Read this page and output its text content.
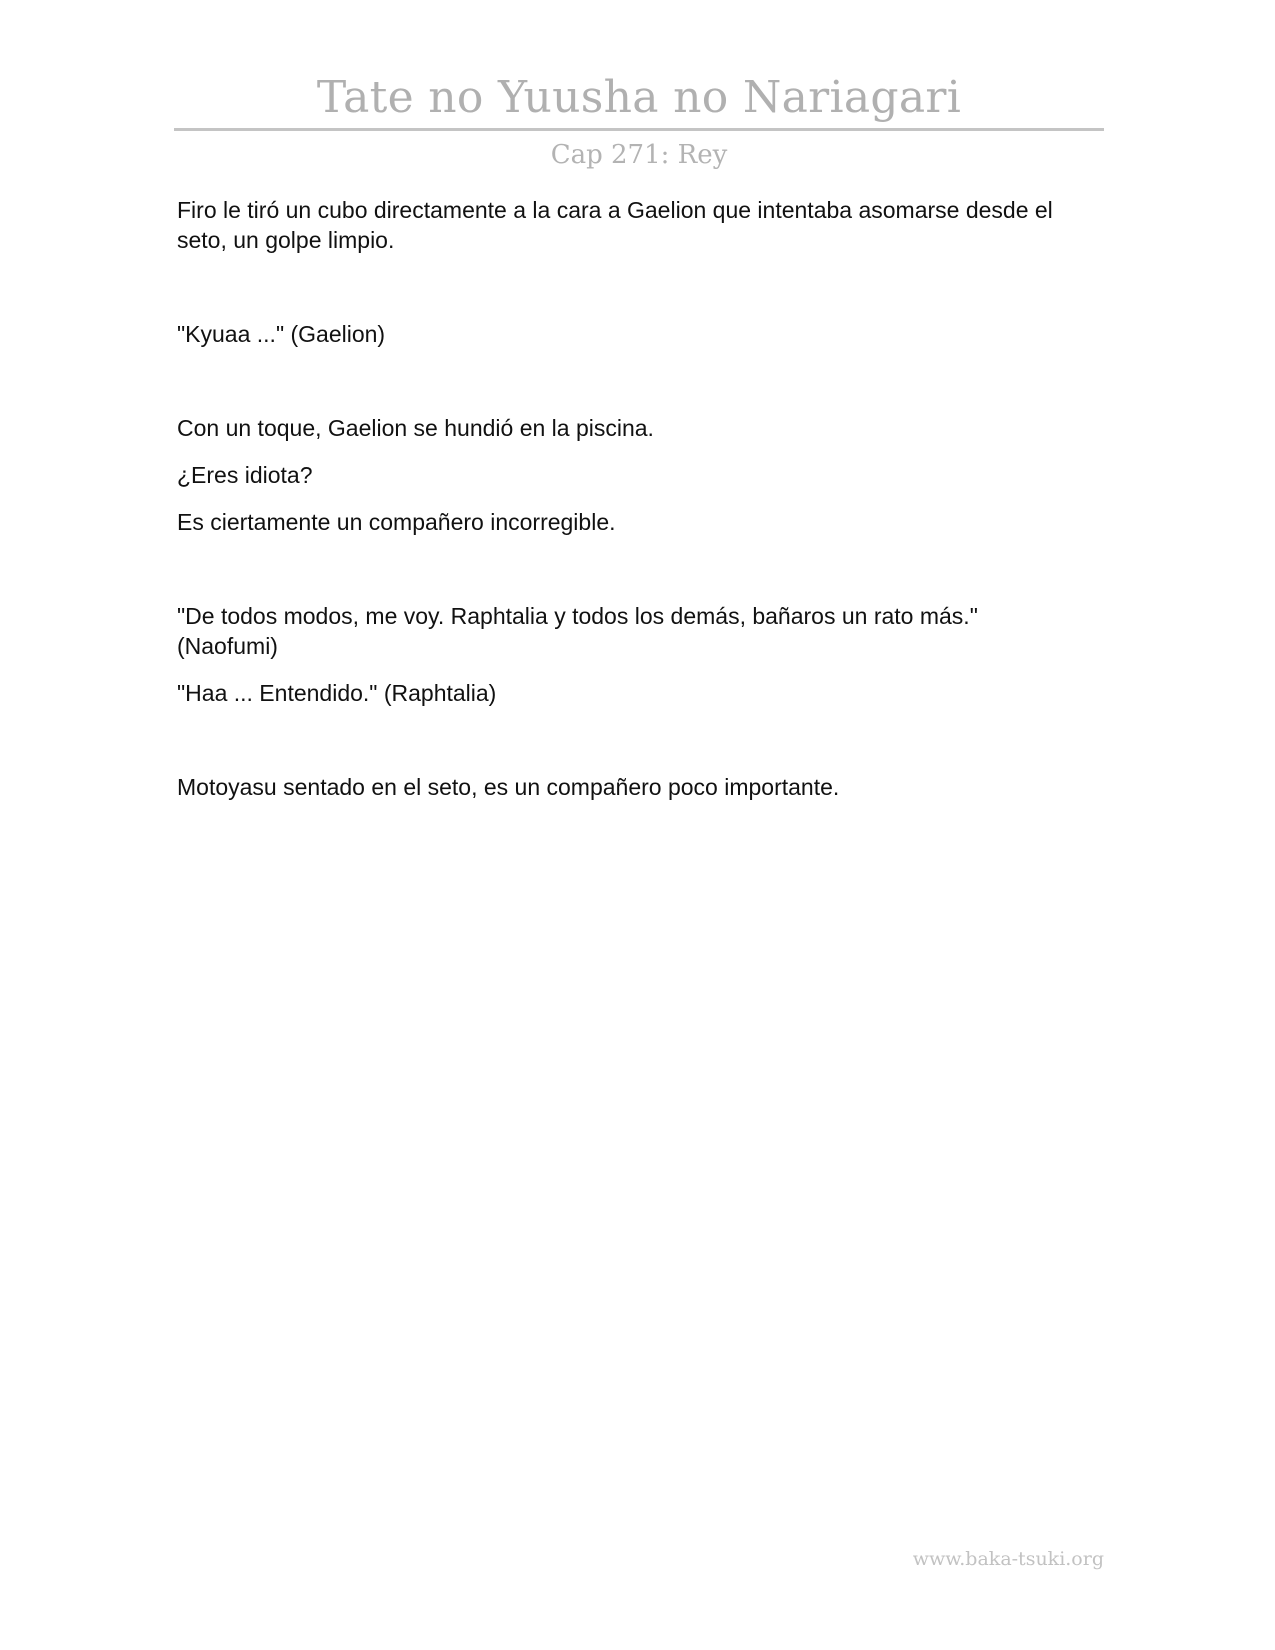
Tate no Yuusha no Nariagari
Cap 271: Rey

Firo le tiró un cubo directamente a la cara a Gaelion que intentaba asomarse desde el seto, un golpe limpio.

"Kyuaa ..." (Gaelion)

Con un toque, Gaelion se hundió en la piscina.

¿Eres idiota?

Es ciertamente un compañero incorregible.

"De todos modos, me voy. Raphtalia y todos los demás, bañaros un rato más."(Naofumi)

"Haa ... Entendido." (Raphtalia)

Motoyasu sentado en el seto, es un compañero poco importante.

www.baka-tsuki.org
